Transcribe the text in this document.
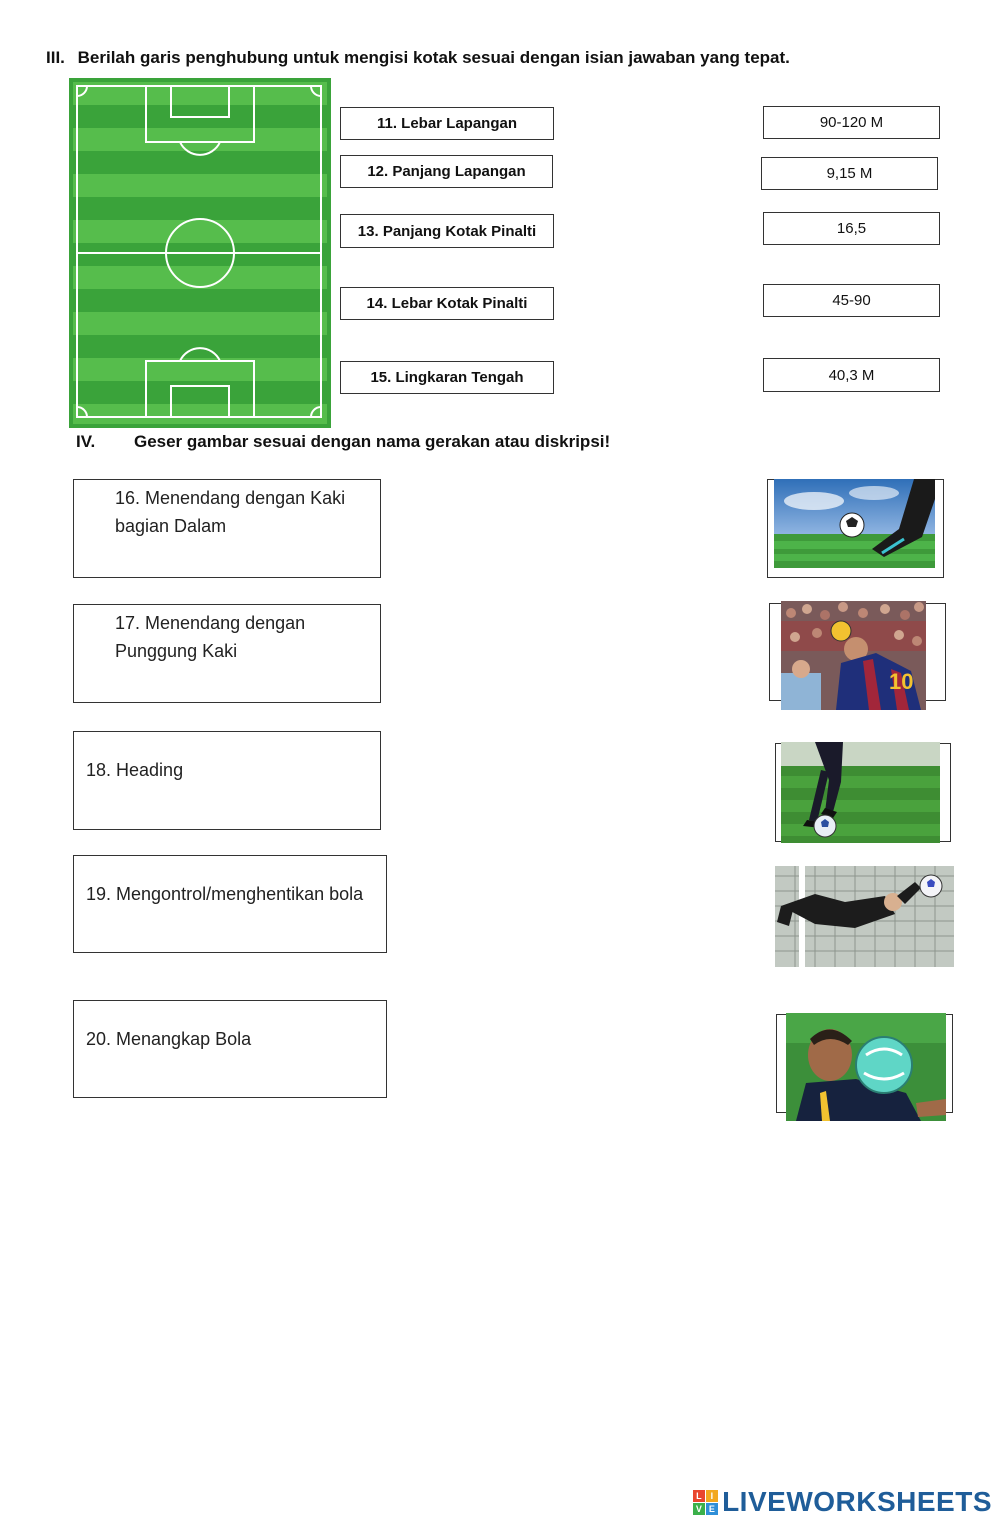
III. Berilah garis penghubung untuk mengisi kotak sesuai dengan isian jawaban yang tepat.
11. Lebar Lapangan
12. Panjang Lapangan
13. Panjang Kotak Pinalti
14. Lebar Kotak Pinalti
15. Lingkaran Tengah
90-120 M
9,15 M
16,5
45-90
40,3 M
IV. Geser gambar sesuai dengan nama gerakan atau diskripsi!
16. Menendang dengan Kaki
bagian Dalam
17. Menendang dengan
Punggung Kaki
18. Heading
19. Mengontrol/menghentikan bola
20. Menangkap Bola
10
L I
V E LIVEWORKSHEETS
